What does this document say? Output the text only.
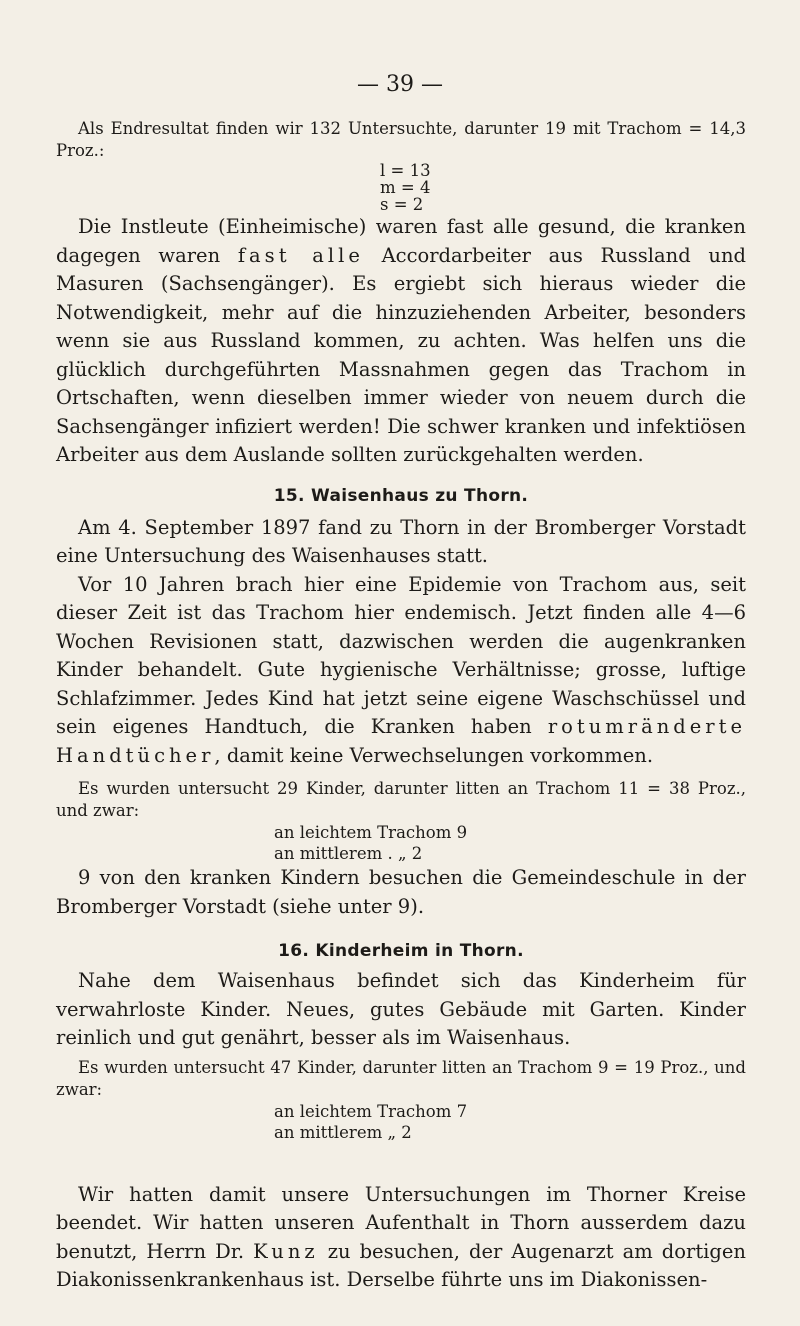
— 39 —

Als Endresultat finden wir 132 Untersuchte, darunter 19 mit Trachom = 14,3 Proz.:

l = 13
m = 4
s = 2

Die Instleute (Einheimische) waren fast alle gesund, die kranken dagegen waren fast alle Accordarbeiter aus Russland und Masuren (Sachsengänger). Es ergiebt sich hieraus wieder die Notwendigkeit, mehr auf die hinzuziehenden Arbeiter, besonders wenn sie aus Russland kommen, zu achten. Was helfen uns die glücklich durchgeführten Massnahmen gegen das Trachom in Ortschaften, wenn dieselben immer wieder von neuem durch die Sachsengänger infiziert werden! Die schwer kranken und infektiösen Arbeiter aus dem Auslande sollten zurückgehalten werden.

15. Waisenhaus zu Thorn.

Am 4. September 1897 fand zu Thorn in der Bromberger Vorstadt eine Untersuchung des Waisenhauses statt.

Vor 10 Jahren brach hier eine Epidemie von Trachom aus, seit dieser Zeit ist das Trachom hier endemisch. Jetzt finden alle 4—6 Wochen Revisionen statt, dazwischen werden die augenkranken Kinder behandelt. Gute hygienische Verhältnisse; grosse, luftige Schlafzimmer. Jedes Kind hat jetzt seine eigene Waschschüssel und sein eigenes Handtuch, die Kranken haben rotumränderte Handtücher, damit keine Verwechselungen vorkommen.

Es wurden untersucht 29 Kinder, darunter litten an Trachom 11 = 38 Proz., und zwar:

an leichtem Trachom 9
an mittlerem . „ 2

9 von den kranken Kindern besuchen die Gemeindeschule in der Bromberger Vorstadt (siehe unter 9).

16. Kinderheim in Thorn.

Nahe dem Waisenhaus befindet sich das Kinderheim für verwahrloste Kinder. Neues, gutes Gebäude mit Garten. Kinder reinlich und gut genährt, besser als im Waisenhaus.

Es wurden untersucht 47 Kinder, darunter litten an Trachom 9 = 19 Proz., und zwar:

an leichtem Trachom 7
an mittlerem „ 2

Wir hatten damit unsere Untersuchungen im Thorner Kreise beendet. Wir hatten unseren Aufenthalt in Thorn ausserdem dazu benutzt, Herrn Dr. Kunz zu besuchen, der Augenarzt am dortigen Diakonissenkrankenhaus ist. Derselbe führte uns im Diakonissen-
